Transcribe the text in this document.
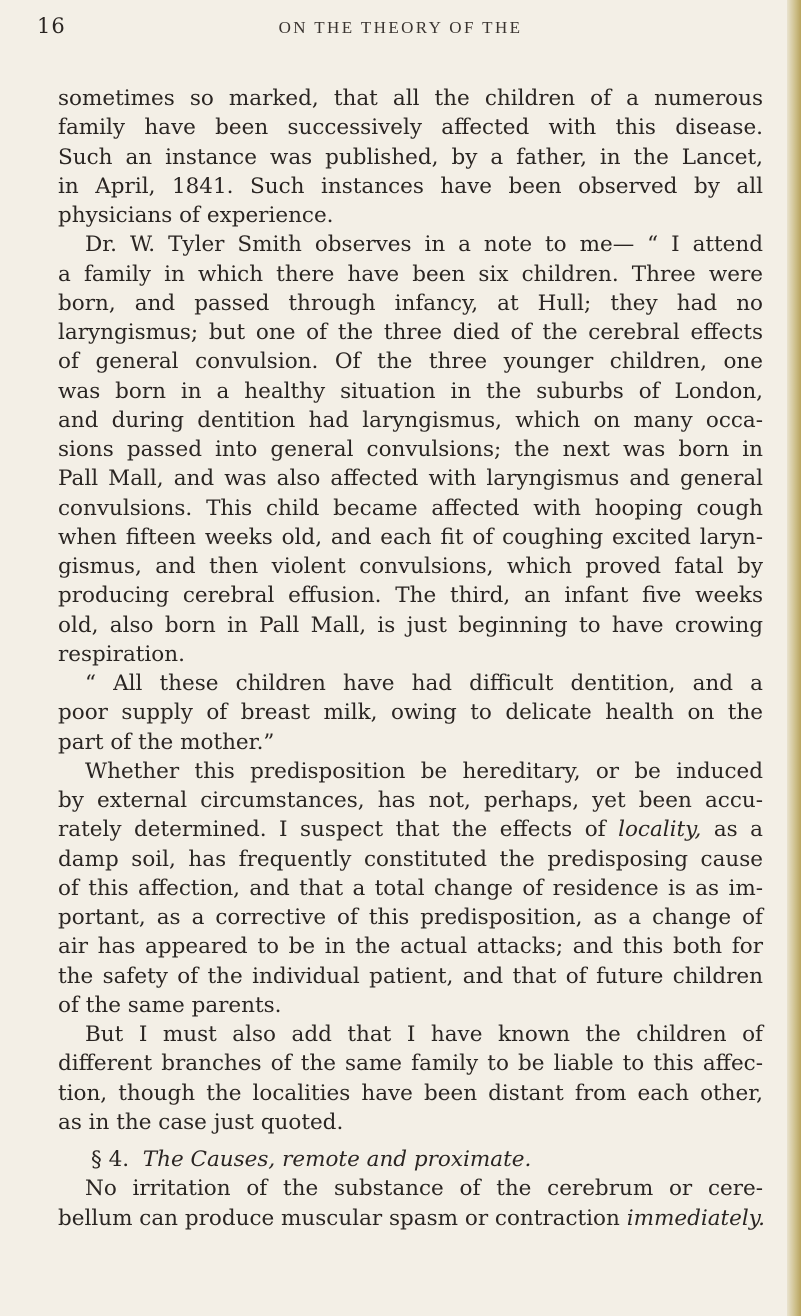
16	ON THE THEORY OF THE
sometimes so marked, that all the children of a numerous
family have been successively affected with this disease.
Such an instance was published, by a father, in the Lancet,
in April, 1841. Such instances have been observed by all
physicians of experience.
Dr. W. Tyler Smith observes in a note to me— “ I attend
a family in which there have been six children. Three were
born, and passed through infancy, at Hull; they had no
laryngismus; but one of the three died of the cerebral effects
of general convulsion. Of the three younger children, one
was born in a healthy situation in the suburbs of London,
and during dentition had laryngismus, which on many occa-
sions passed into general convulsions; the next was born in
Pall Mall, and was also affected with laryngismus and general
convulsions. This child became affected with hooping cough
when fifteen weeks old, and each fit of coughing excited laryn-
gismus, and then violent convulsions, which proved fatal by
producing cerebral effusion. The third, an infant five weeks
old, also born in Pall Mall, is just beginning to have crowing
respiration.
“ All these children have had difficult dentition, and a
poor supply of breast milk, owing to delicate health on the
part of the mother.”
Whether this predisposition be hereditary, or be induced
by external circumstances, has not, perhaps, yet been accu-
rately determined. I suspect that the effects of locality, as a
damp soil, has frequently constituted the predisposing cause
of this affection, and that a total change of residence is as im-
portant, as a corrective of this predisposition, as a change of
air has appeared to be in the actual attacks; and this both for
the safety of the individual patient, and that of future children
of the same parents.
But I must also add that I have known the children of
different branches of the same family to be liable to this affec-
tion, though the localities have been distant from each other,
as in the case just quoted.
§ 4. The Causes, remote and proximate.
No irritation of the substance of the cerebrum or cere-
bellum can produce muscular spasm or contraction immediately.
